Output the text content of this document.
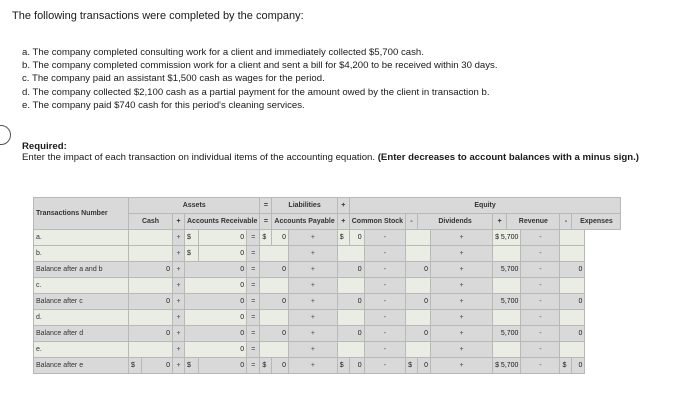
The following transactions were completed by the company:
a. The company completed consulting work for a client and immediately collected $5,700 cash.
b. The company completed commission work for a client and sent a bill for $4,200 to be received within 30 days.
c. The company paid an assistant $1,500 cash as wages for the period.
d. The company collected $2,100 cash as a partial payment for the amount owed by the client in transaction b.
e. The company paid $740 cash for this period's cleaning services.
Required:
Enter the impact of each transaction on individual items of the accounting equation. (Enter decreases to account balances with a minus sign.)
Transactions Number	Assets						=	Liabilities		+	Equity									
	Cash		+	Accounts Receivable			=	Accounts Payable		+	Common Stock		-	Dividends		+	Revenue		-	Expenses
a.			+	$	0	=	$	0	+	$	0	-			+	$ 5,700		-		
b.			+	$	0	=			+			-			+			-		
Balance after a and b	0		+	0		=	0		+	0		-	0		+	5,700		-	0	
c.			+	0		=			+			-			+			-		
Balance after c	0		+	0		=	0		+	0		-	0		+	5,700		-	0	
d.			+	0		=			+			-			+			-		
Balance after d	0		+	0		=	0		+	0		-	0		+	5,700		-	0	
e.			+	0		=			+			-			+			-		
Balance after e	$	0	+	$	0	=	$	0	+	$	0	-	$	0	+	$ 5,700		-	$	0
